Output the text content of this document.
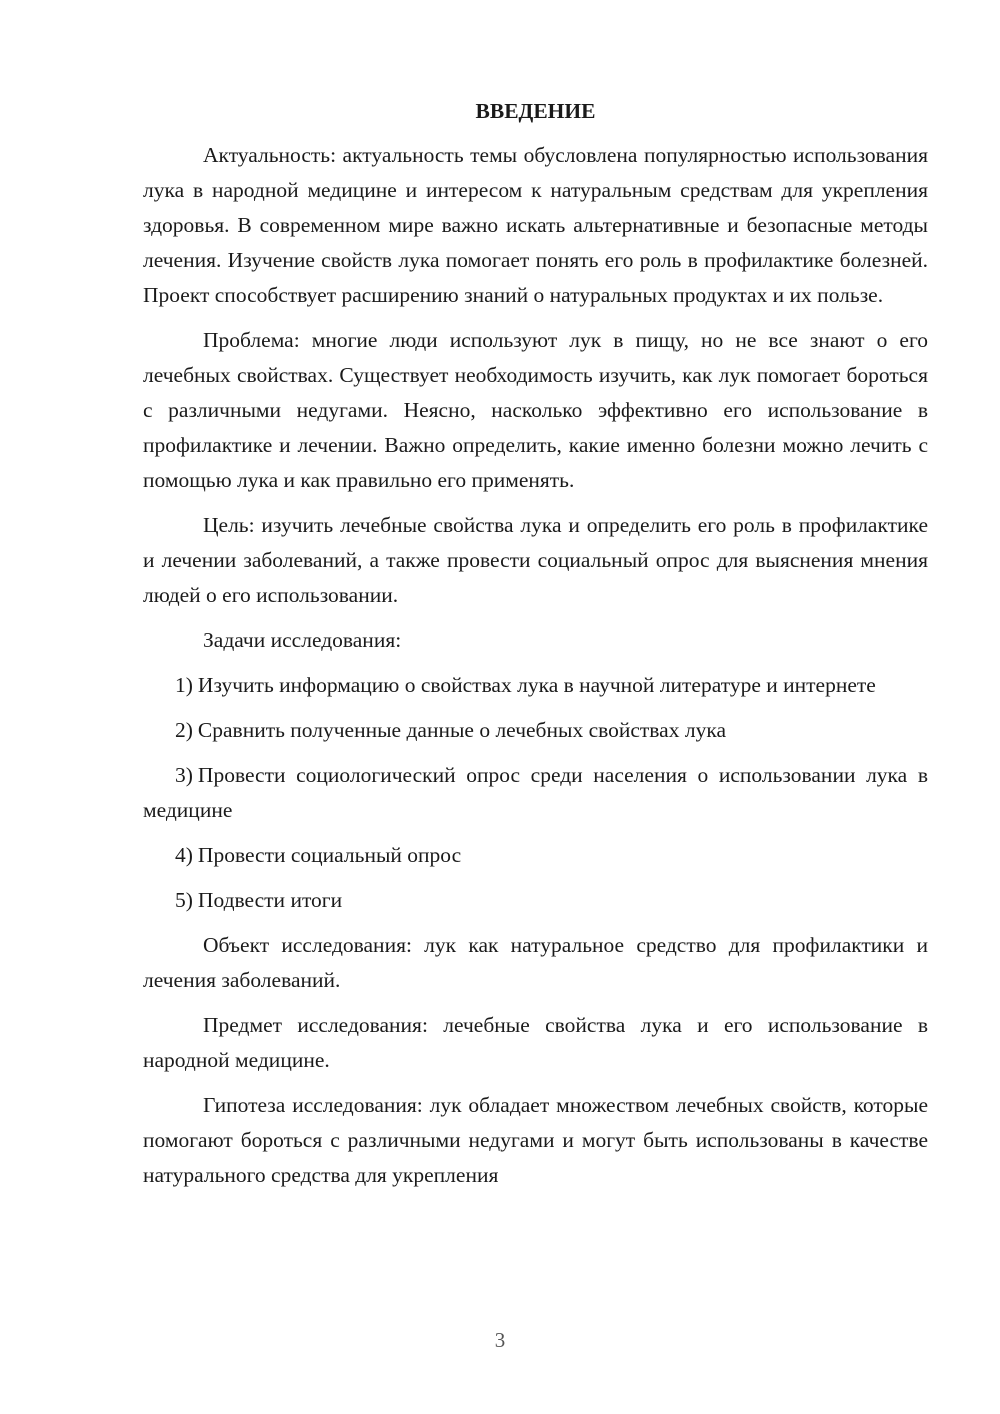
ВВЕДЕНИЕ

Актуальность: актуальность темы обусловлена популярностью использования лука в народной медицине и интересом к натуральным средствам для укрепления здоровья. В современном мире важно искать альтернативные и безопасные методы лечения. Изучение свойств лука помогает понять его роль в профилактике болезней. Проект способствует расширению знаний о натуральных продуктах и их пользе.

Проблема: многие люди используют лук в пищу, но не все знают о его лечебных свойствах. Существует необходимость изучить, как лук помогает бороться с различными недугами. Неясно, насколько эффективно его использование в профилактике и лечении. Важно определить, какие именно болезни можно лечить с помощью лука и как правильно его применять.

Цель: изучить лечебные свойства лука и определить его роль в профилактике и лечении заболеваний, а также провести социальный опрос для выяснения мнения людей о его использовании.

Задачи исследования:

1) Изучить информацию о свойствах лука в научной литературе и интернете
2) Сравнить полученные данные о лечебных свойствах лука
3) Провести социологический опрос среди населения о использовании лука в медицине
4) Провести социальный опрос
5) Подвести итоги

Объект исследования: лук как натуральное средство для профилактики и лечения заболеваний.

Предмет исследования: лечебные свойства лука и его использование в народной медицине.

Гипотеза исследования: лук обладает множеством лечебных свойств, которые помогают бороться с различными недугами и могут быть использованы в качестве натурального средства для укрепления

3
